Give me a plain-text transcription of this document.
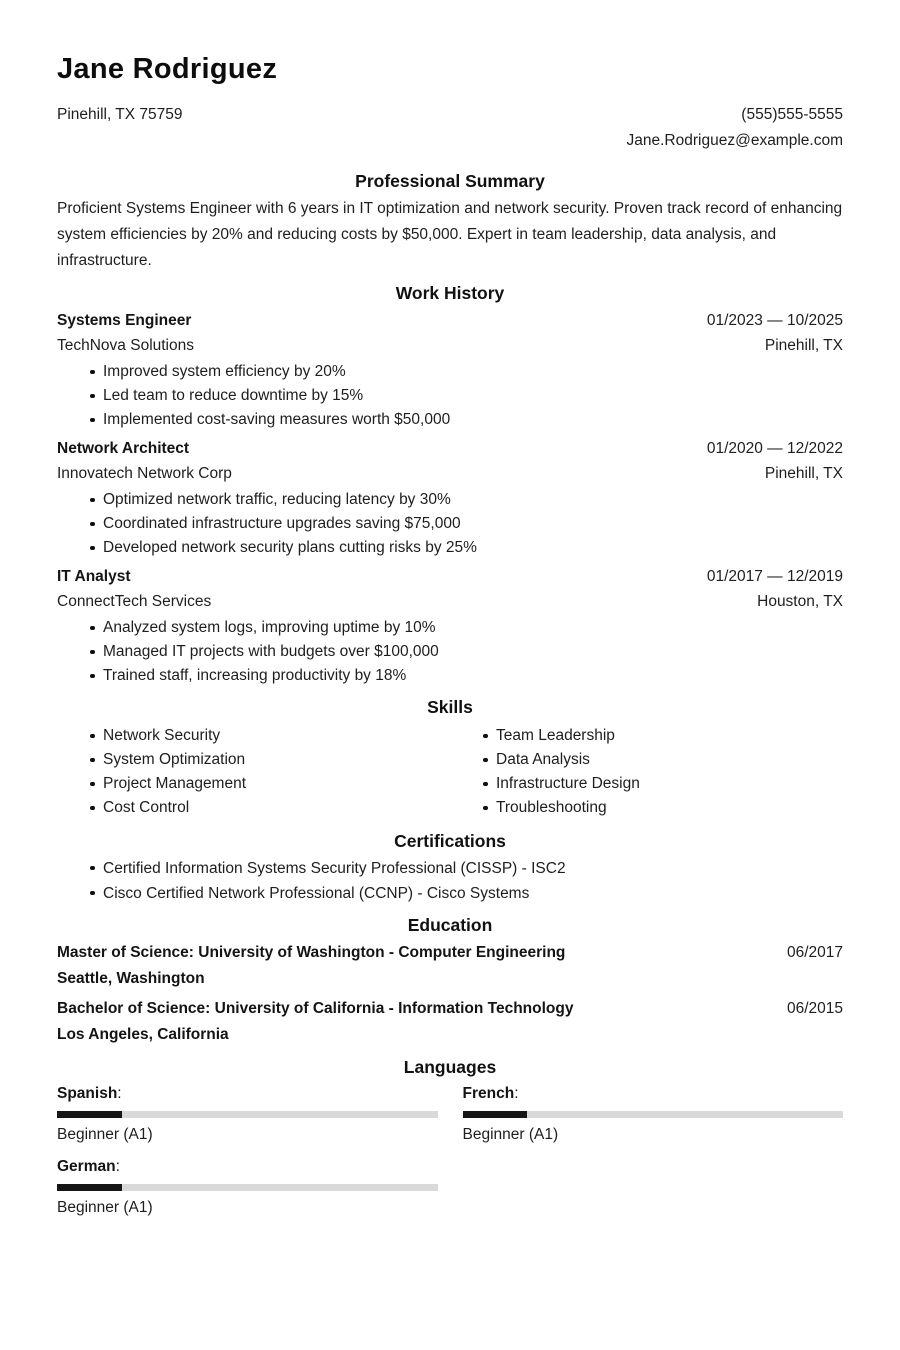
Jane Rodriguez
Pinehill, TX 75759	(555)555-5555
Jane.Rodriguez@example.com
Professional Summary

Proficient Systems Engineer with 6 years in IT optimization and network security. Proven track record of enhancing system efficiencies by 20% and reducing costs by $50,000. Expert in team leadership, data analysis, and infrastructure.

Work History
Systems Engineer	01/2023 — 10/2025
TechNova Solutions	Pinehill, TX
Improved system efficiency by 20%
Led team to reduce downtime by 15%
Implemented cost-saving measures worth $50,000
Network Architect	01/2020 — 12/2022
Innovatech Network Corp	Pinehill, TX
Optimized network traffic, reducing latency by 30%
Coordinated infrastructure upgrades saving $75,000
Developed network security plans cutting risks by 25%
IT Analyst	01/2017 — 12/2019
ConnectTech Services	Houston, TX
Analyzed system logs, improving uptime by 10%
Managed IT projects with budgets over $100,000
Trained staff, increasing productivity by 18%
Skills
Network Security
System Optimization
Project Management
Cost Control
Team Leadership
Data Analysis
Infrastructure Design
Troubleshooting
Certifications
Certified Information Systems Security Professional (CISSP) - ISC2
Cisco Certified Network Professional (CCNP) - Cisco Systems
Education
Master of Science: University of Washington - Computer Engineering	06/2017
Seattle, Washington
Bachelor of Science: University of California - Information Technology	06/2015
Los Angeles, California
Languages
Spanish :
Beginner (A1)
French :
Beginner (A1)
German :
Beginner (A1)
